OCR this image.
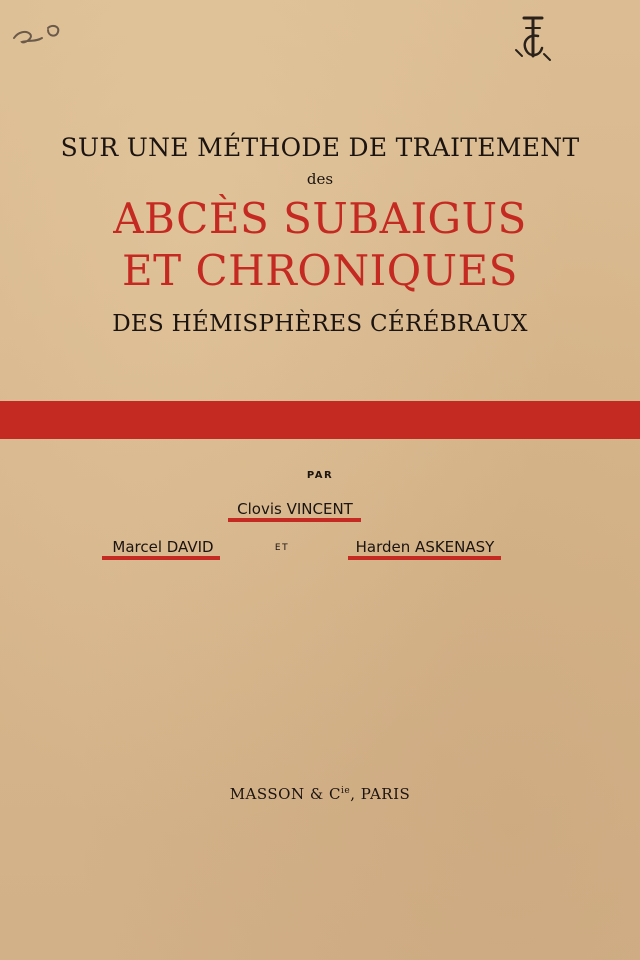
SUR UNE MÉTHODE DE TRAITEMENT
des
ABCÈS SUBAIGUS
ET CHRONIQUES
DES HÉMISPHÈRES CÉRÉBRAUX
PAR
Clovis VINCENT
Marcel DAVID	ET	Harden ASKENASY
MASSON & $C^{ie}$, PARIS
